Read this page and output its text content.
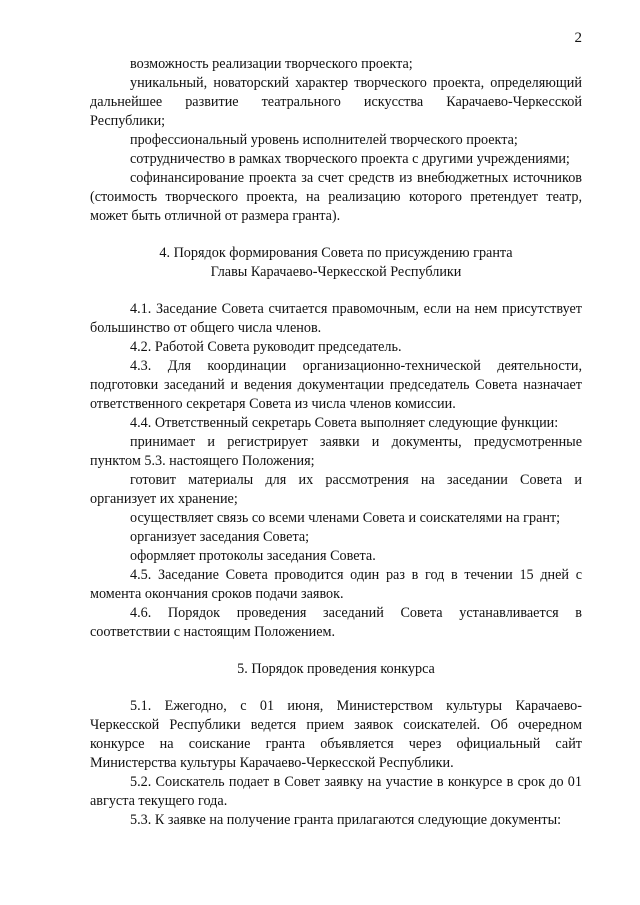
2

возможность реализации творческого проекта;

уникальный, новаторский характер творческого проекта, определяющий дальнейшее развитие театрального искусства Карачаево-Черкесской Республики;

профессиональный уровень исполнителей творческого проекта;

сотрудничество в рамках творческого проекта с другими учреждениями;

софинансирование проекта за счет средств из внебюджетных источников (стоимость творческого проекта, на реализацию которого претендует театр, может быть отличной от размера гранта).

4. Порядок формирования Совета по присуждению гранта

Главы Карачаево-Черкесской Республики

4.1. Заседание Совета считается правомочным, если на нем присутствует большинство от общего числа членов.

4.2. Работой Совета руководит председатель.

4.3. Для координации организационно-технической деятельности, подготовки заседаний и ведения документации председатель Совета назначает ответственного секретаря Совета из числа членов комиссии.

4.4. Ответственный секретарь Совета выполняет следующие функции:

принимает и регистрирует заявки и документы, предусмотренные пунктом 5.3. настоящего Положения;

готовит материалы для их рассмотрения на заседании Совета и организует их хранение;

осуществляет связь со всеми членами Совета и соискателями на грант;

организует заседания Совета;

оформляет протоколы заседания Совета.

4.5. Заседание Совета проводится один раз в год в течении 15 дней с момента окончания сроков подачи заявок.

4.6. Порядок проведения заседаний Совета устанавливается в соответствии с настоящим Положением.

5. Порядок проведения конкурса

5.1. Ежегодно, с 01 июня, Министерством культуры Карачаево-Черкесской Республики ведется прием заявок соискателей. Об очередном конкурсе на соискание гранта объявляется через официальный сайт Министерства культуры Карачаево-Черкесской Республики.

5.2. Соискатель подает в Совет заявку на участие в конкурсе в срок до 01 августа текущего года.

5.3. К заявке на получение гранта прилагаются следующие документы:
